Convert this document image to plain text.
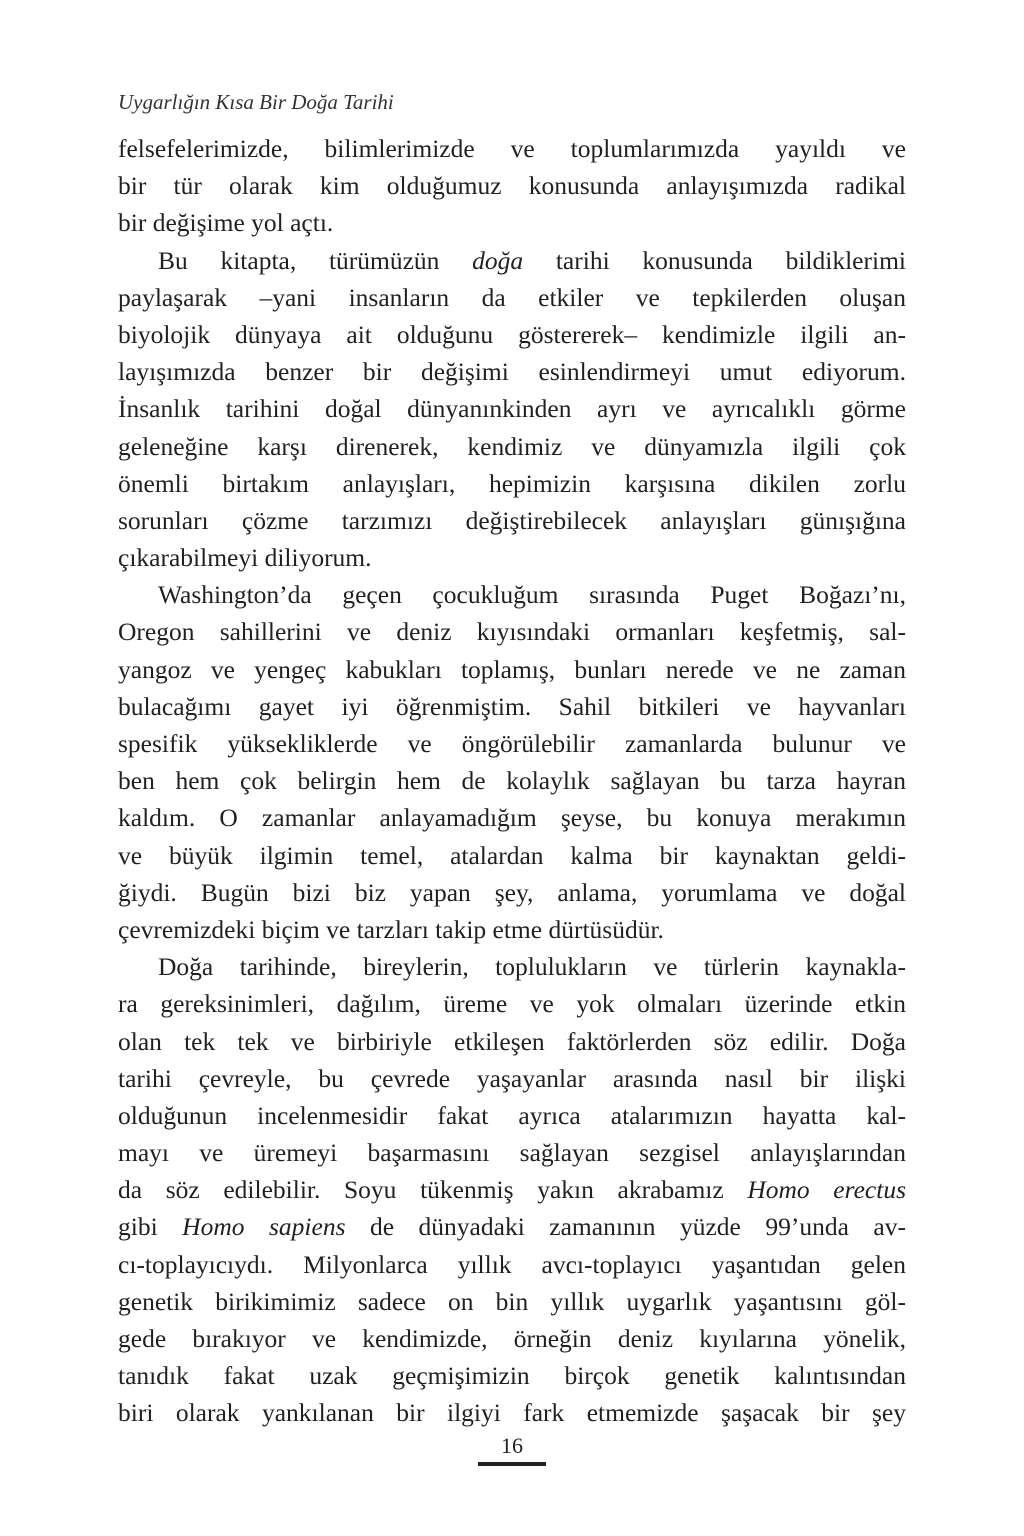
Uygarlığın Kısa Bir Doğa Tarihi
felsefelerimizde, bilimlerimizde ve toplumlarımızda yayıldı ve
bir tür olarak kim olduğumuz konusunda anlayışımızda radikal
bir değişime yol açtı.
Bu kitapta, türümüzün doğa tarihi konusunda bildiklerimi
paylaşarak –yani insanların da etkiler ve tepkilerden oluşan
biyolojik dünyaya ait olduğunu göstererek– kendimizle ilgili an-
layışımızda benzer bir değişimi esinlendirmeyi umut ediyorum.
İnsanlık tarihini doğal dünyanınkinden ayrı ve ayrıcalıklı görme
geleneğine karşı direnerek, kendimiz ve dünyamızla ilgili çok
önemli birtakım anlayışları, hepimizin karşısına dikilen zorlu
sorunları çözme tarzımızı değiştirebilecek anlayışları günışığına
çıkarabilmeyi diliyorum.
Washington’da geçen çocukluğum sırasında Puget Boğazı’nı,
Oregon sahillerini ve deniz kıyısındaki ormanları keşfetmiş, sal-
yangoz ve yengeç kabukları toplamış, bunları nerede ve ne zaman
bulacağımı gayet iyi öğrenmiştim. Sahil bitkileri ve hayvanları
spesifik yüksekliklerde ve öngörülebilir zamanlarda bulunur ve
ben hem çok belirgin hem de kolaylık sağlayan bu tarza hayran
kaldım. O zamanlar anlayamadığım şeyse, bu konuya merakımın
ve büyük ilgimin temel, atalardan kalma bir kaynaktan geldi-
ğiydi. Bugün bizi biz yapan şey, anlama, yorumlama ve doğal
çevremizdeki biçim ve tarzları takip etme dürtüsüdür.
Doğa tarihinde, bireylerin, toplulukların ve türlerin kaynakla-
ra gereksinimleri, dağılım, üreme ve yok olmaları üzerinde etkin
olan tek tek ve birbiriyle etkileşen faktörlerden söz edilir. Doğa
tarihi çevreyle, bu çevrede yaşayanlar arasında nasıl bir ilişki
olduğunun incelenmesidir fakat ayrıca atalarımızın hayatta kal-
mayı ve üremeyi başarmasını sağlayan sezgisel anlayışlarından
da söz edilebilir. Soyu tükenmiş yakın akrabamız Homo erectus
gibi Homo sapiens de dünyadaki zamanının yüzde 99’unda av-
cı-toplayıcıydı. Milyonlarca yıllık avcı-toplayıcı yaşantıdan gelen
genetik birikimimiz sadece on bin yıllık uygarlık yaşantısını göl-
gede bırakıyor ve kendimizde, örneğin deniz kıyılarına yönelik,
tanıdık fakat uzak geçmişimizin birçok genetik kalıntısından
biri olarak yankılanan bir ilgiyi fark etmemizde şaşacak bir şey
16
